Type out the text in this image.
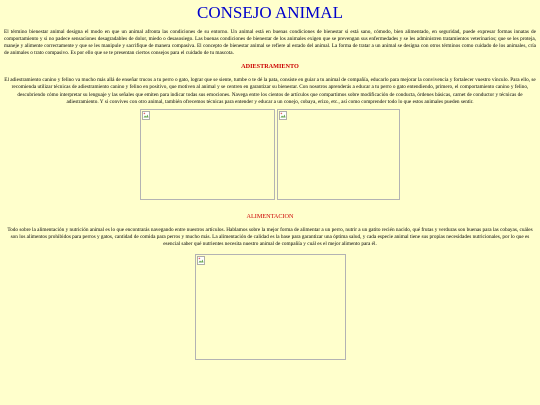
CONSEJO ANIMAL

El término bienestar animal designa el modo en que un animal afronta las condiciones de su entorno. Un animal está en buenas condiciones de bienestar si está sano, cómodo, bien alimentado, en seguridad, puede expresar formas innatas de comportamiento y si no padece sensaciones desagradables de dolor, miedo o desasosiego. Las buenas condiciones de bienestar de los animales exigen que se prevengan sus enfermedades y se les administren tratamientos veterinarios; que se les proteja, maneje y alimente correctamente y que se les manipule y sacrifique de manera compasiva. El concepto de bienestar animal se refiere al estado del animal. La forma de tratar a un animal se designa con otros términos como cuidado de los animales, cría de animales o trato compasivo. Es por ello que se te presentan ciertos consejos para el cuidado de tu mascota.

ADIESTRAMIENTO

El adiestramiento canino y felino va mucho más allá de enseñar trucos a tu perro o gato, lograr que se siente, tumbe o te dé la pata, consiste en guiar a tu animal de compañía, educarlo para mejorar la convivencia y fortalecer vuestro vínculo. Para ello, se recomienda utilizar técnicas de adiestramiento canino y felino en positivo, que motiven al animal y se centren en garantizar su bienestar. Con nosotros aprenderás a educar a tu perro o gato entendiendo, primero, el comportamiento canino y felino, descubriendo cómo interpretar su lenguaje y las señales que emiten para indicar todas sus emociones. Navega entre los cientos de artículos que compartimos sobre modificación de conducta, órdenes básicas, carnet de conductor y técnicas de adiestramiento. Y si convives con otro animal, también ofrecemos técnicas para entender y educar a un conejo, cobaya, erizo, etc., así como comprender todo lo que estos animales pueden sentir.

ALIMENTACION

Todo sobre la alimentación y nutrición animal es lo que encontrarás navegando entre nuestros artículos. Hablamos sobre la mejor forma de alimentar a un perro, nutrir a un gatito recién nacido, qué frutas y verduras son buenas para las cobayas, cuáles son los alimentos prohibidos para perros y gatos, cantidad de comida para perros y mucho más. La alimentación de calidad es la base para garantizar una óptima salud, y cada especie animal tiene sus propias necesidades nutricionales, por lo que es esencial saber qué nutrientes necesita nuestro animal de compañía y cuál es el mejor alimento para él.
